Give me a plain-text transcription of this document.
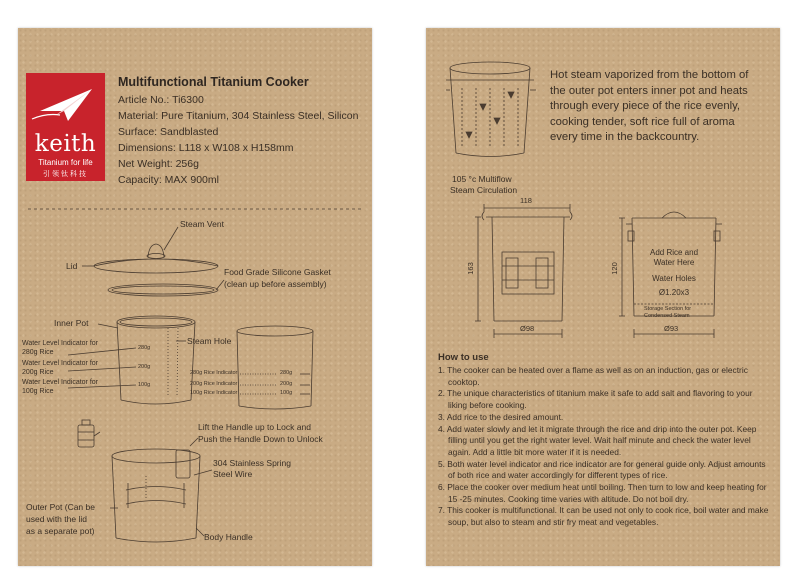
keith
Titanium for life
引领钛科技
Multifunctional Titanium Cooker
Article No.: Ti6300
Material: Pure Titanium, 304 Stainless Steel, Silicon
Surface: Sandblasted
Dimensions: L118 x W108 x H158mm
Net Weight: 256g
Capacity: MAX 900ml
Steam Vent
Lid
Food Grade Silicone Gasket
(clean up before assembly)
Inner Pot
Steam Hole
Water Level Indicator for
280g Rice
Water Level Indicator for
200g Rice
Water Level Indicator for
100g Rice
280g
200g
100g
280g Rice Indicator
200g Rice Indicator
100g Rice Indicator
280g
200g
100g
Lift the Handle up to Lock and
Push the Handle Down to Unlock
304 Stainless Spring
Steel Wire
Outer Pot (Can be
used with the lid
as a separate pot)
Body Handle
Hot steam vaporized from the bottom of the outer pot enters inner pot and heats through every piece of the rice evenly, cooking tender, soft rice full of aroma every time in the backcountry.
105 °c Multiflow
Steam Circulation
118
163
Ø98
120
Add Rice and
Water Here
Water Holes
Ø1.20x3
Storage Section for
Condensed Steam
Ø93
How to use
1. The cooker can be heated over a flame as well as on an induction, gas or electric cooktop.
2. The unique characteristics of titanium make it safe to add salt and flavoring to your liking before cooking.
3. Add rice to the desired amount.
4. Add water slowly and let it migrate through the rice and drip into the outer pot. Keep filling until you get the right water level. Wait half minute and check the water level again. Add a little bit more water if it is needed.
5. Both water level indicator and rice indicator are for general guide only. Adjust amounts of both rice and water accordingly for different types of rice.
6. Place the cooker over medium heat until boiling. Then turn to low and keep heating for 15 -25 minutes. Cooking time varies with altitude. Do not boil dry.
7. This cooker is multifunctional. It can be used not only to cook rice, boil water and make soup, but also to steam and stir fry meat and vegetables.
